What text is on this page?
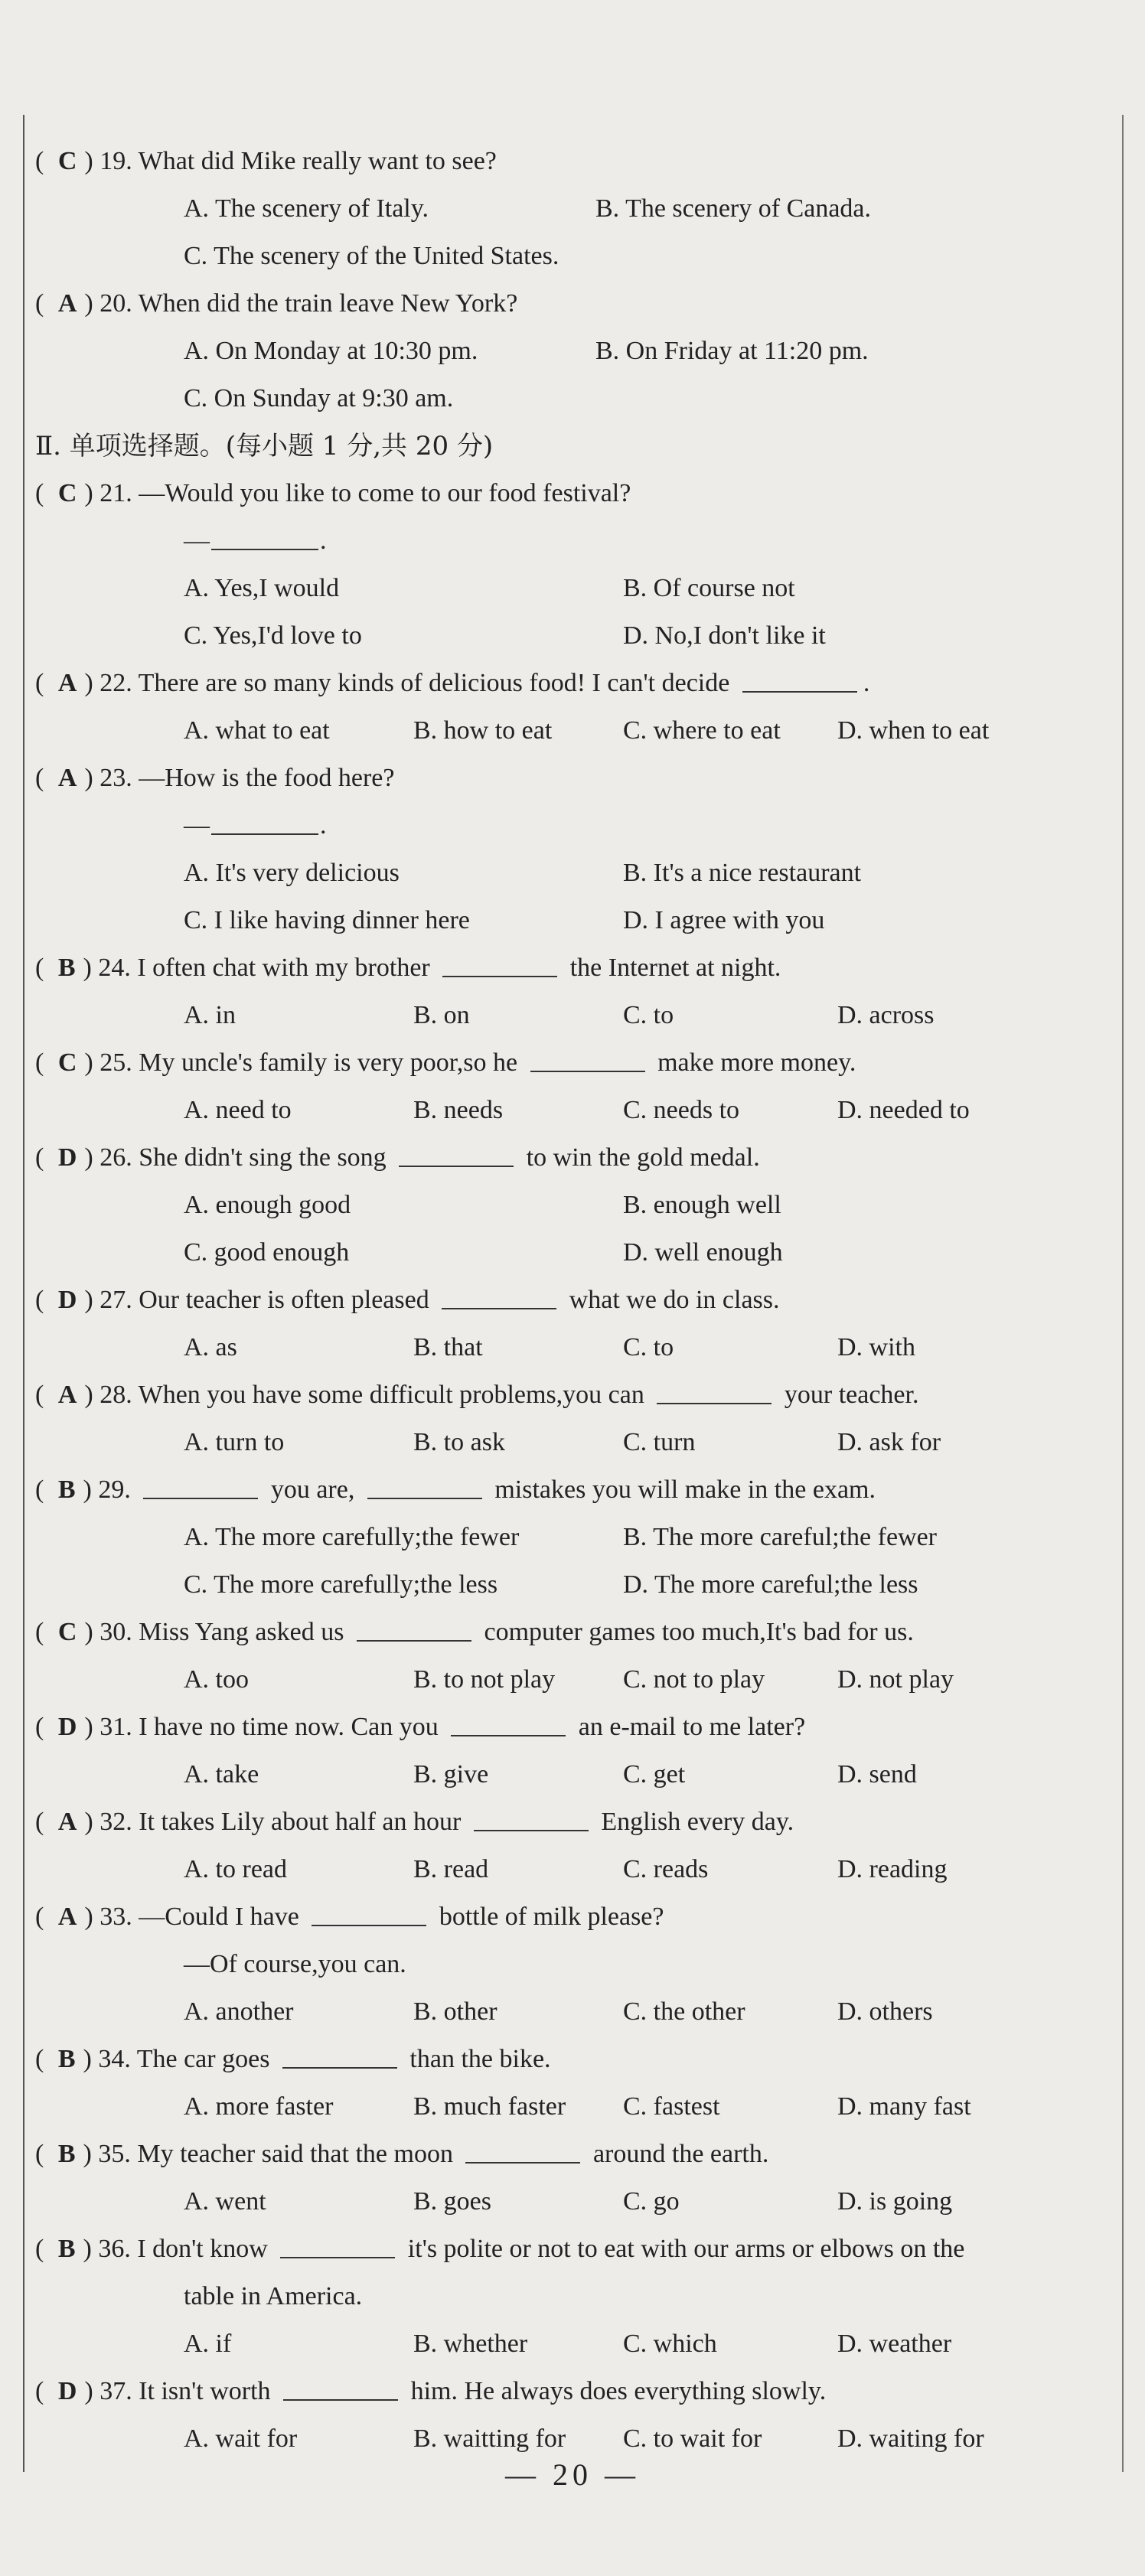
( C ) 19. What did Mike really want to see?
A. The scenery of Italy.	B. The scenery of Canada.
C. The scenery of the United States.
( A ) 20. When did the train leave New York?
A. On Monday at 10:30 pm.	B. On Friday at 11:20 pm.
C. On Sunday at 9:30 am.
Ⅱ. 单项选择题。(每小题 1 分,共 20 分)
( C ) 21. —Would you like to come to our food festival?
—	.
A. Yes,I would	B. Of course not
C. Yes,I'd love to	D. No,I don't like it
( A ) 22. There are so many kinds of delicious food! I can't decide	.
A. what to eat	B. how to eat	C. where to eat D. when to eat
( A ) 23. —How is the food here?
—	.
A. It's very delicious	B. It's a nice restaurant
C. I like having dinner here	D. I agree with you
( B ) 24. I often chat with my brother	the Internet at night.
A. in	B. on	C. to	D. across
( C ) 25. My uncle's family is very poor,so he	make more money.
A. need to	B. needs	C. needs to	D. needed to
( D ) 26. She didn't sing the song	to win the gold medal.
A. enough good	B. enough well
C. good enough	D. well enough
( D ) 27. Our teacher is often pleased	what we do in class.
A. as	B. that	C. to	D. with
( A ) 28. When you have some difficult problems,you can	your teacher.
A. turn to	B. to ask	C. turn	D. ask for
( B ) 29.	you are,	mistakes you will make in the exam.
A. The more carefully;the fewer	B. The more careful;the fewer
C. The more carefully;the less	D. The more careful;the less
( C ) 30. Miss Yang asked us	computer games too much,It's bad for us.
A. too	B. to not play	C. not to play	D. not play
( D ) 31. I have no time now. Can you	an e-mail to me later?
A. take	B. give	C. get	D. send
( A ) 32. It takes Lily about half an hour	English every day.
A. to read	B. read	C. reads	D. reading
( A ) 33. —Could I have	bottle of milk please?
—Of course,you can.
A. another	B. other	C. the other	D. others
( B ) 34. The car goes	than the bike.
A. more faster	B. much faster C. fastest	D. many fast
( B ) 35. My teacher said that the moon	around the earth.
A. went	B. goes	C. go	D. is going
( B ) 36. I don't know	it's polite or not to eat with our arms or elbows on the
table in America.
A. if	B. whether	C. which	D. weather
( D ) 37. It isn't worth	him. He always does everything slowly.
A. wait for	B. waitting for C. to wait for	D. waiting for
— 20 —
